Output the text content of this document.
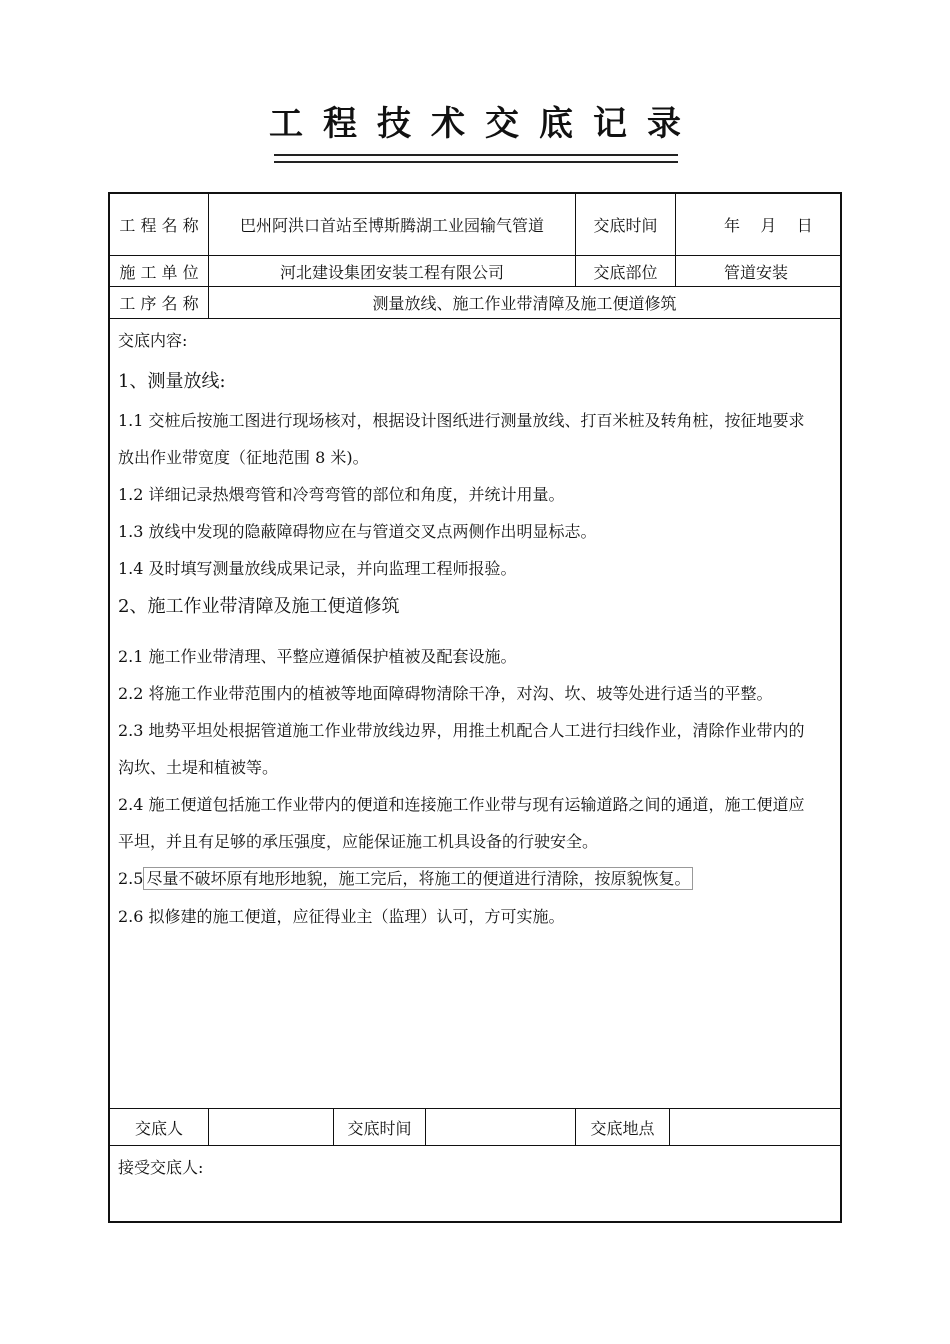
工程技术交底记录
工 程 名 称	巴州阿洪口首站至博斯腾湖工业园输气管道	交底时间	年    月    日
施 工 单 位	河北建设集团安装工程有限公司	交底部位	管道安装
工 序 名 称	测量放线、施工作业带清障及施工便道修筑
交底内容:
1、测量放线:
1.1 交桩后按施工图进行现场核对，根据设计图纸进行测量放线、打百米桩及转角桩，按征地要求
放出作业带宽度（征地范围 8 米)。
1.2 详细记录热煨弯管和冷弯弯管的部位和角度，并统计用量。
1.3 放线中发现的隐蔽障碍物应在与管道交叉点两侧作出明显标志。
1.4 及时填写测量放线成果记录，并向监理工程师报验。
2、施工作业带清障及施工便道修筑
2.1 施工作业带清理、平整应遵循保护植被及配套设施。
2.2 将施工作业带范围内的植被等地面障碍物清除干净，对沟、坎、坡等处进行适当的平整。
2.3 地势平坦处根据管道施工作业带放线边界，用推土机配合人工进行扫线作业，清除作业带内的
沟坎、土堤和植被等。
2.4 施工便道包括施工作业带内的便道和连接施工作业带与现有运输道路之间的通道，施工便道应
平坦，并且有足够的承压强度，应能保证施工机具设备的行驶安全。
2.5 尽量不破坏原有地形地貌，施工完后，将施工的便道进行清除，按原貌恢复。
2.6 拟修建的施工便道，应征得业主（监理）认可，方可实施。
交底人	交底时间	交底地点
接受交底人:
